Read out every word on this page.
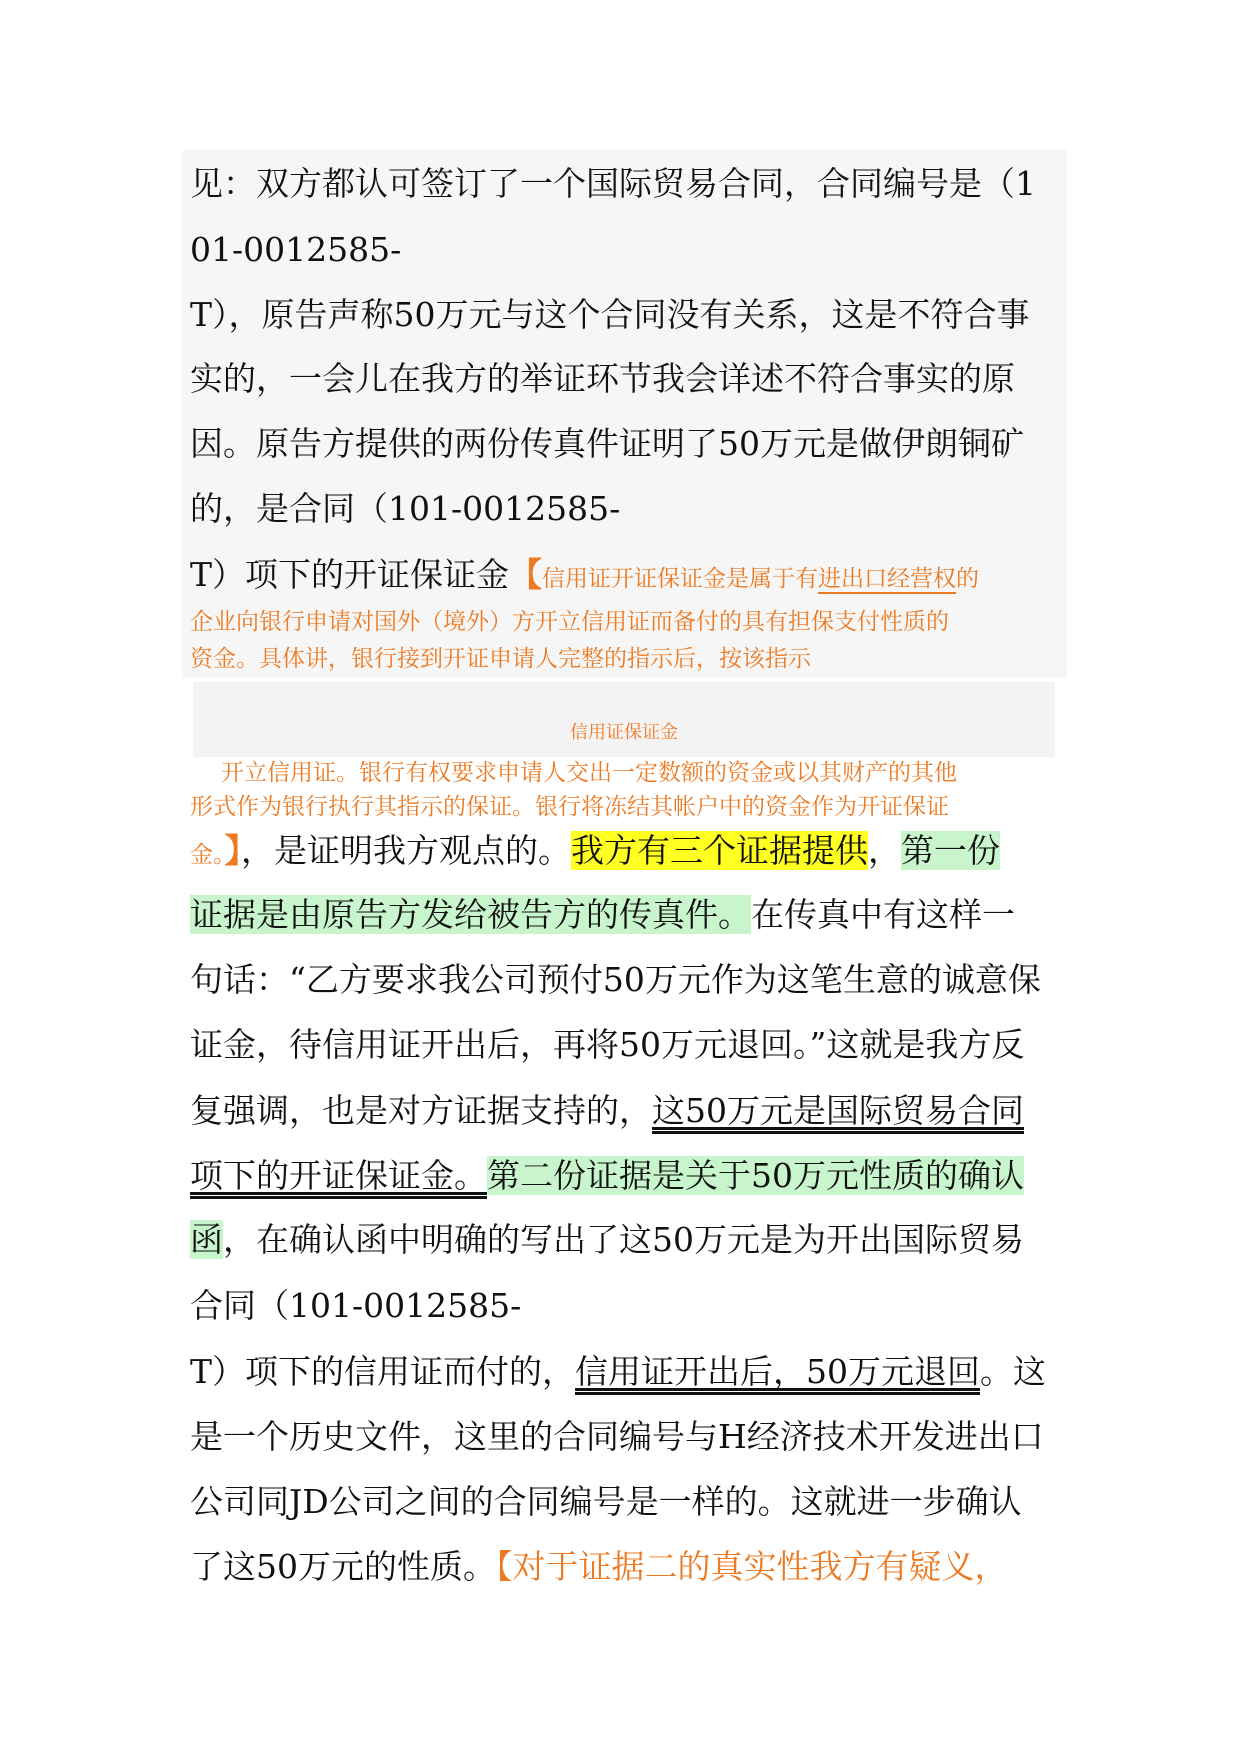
信用证保证金
见：双方都认可签订了一个国际贸易合同，合同编号是（1
01-0012585-
T），原告声称50万元与这个合同没有关系，这是不符合事
实的，一会儿在我方的举证环节我会详述不符合事实的原
因。原告方提供的两份传真件证明了50万元是做伊朗铜矿
的，是合同（101-0012585-
T）项下的开证保证金【信用证开证保证金是属于有进出口经营权的
企业向银行申请对国外（境外）方开立信用证而备付的具有担保支付性质的
资金。具体讲，银行接到开证申请人完整的指示后，按该指示
开立信用证。银行有权要求申请人交出一定数额的资金或以其财产的其他
形式作为银行执行其指示的保证。银行将冻结其帐户中的资金作为开证保证
金。】，是证明我方观点的。我方有三个证据提供，第一份
证据是由原告方发给被告方的传真件。在传真中有这样一
句话：“乙方要求我公司预付50万元作为这笔生意的诚意保
证金，待信用证开出后，再将50万元退回。”这就是我方反
复强调，也是对方证据支持的，这50万元是国际贸易合同
项下的开证保证金。第二份证据是关于50万元性质的确认
函，在确认函中明确的写出了这50万元是为开出国际贸易
合同（101-0012585-
T）项下的信用证而付的，信用证开出后，50万元退回。这
是一个历史文件，这里的合同编号与H经济技术开发进出口
公司同JD公司之间的合同编号是一样的。这就进一步确认
了这50万元的性质。【对于证据二的真实性我方有疑义，
